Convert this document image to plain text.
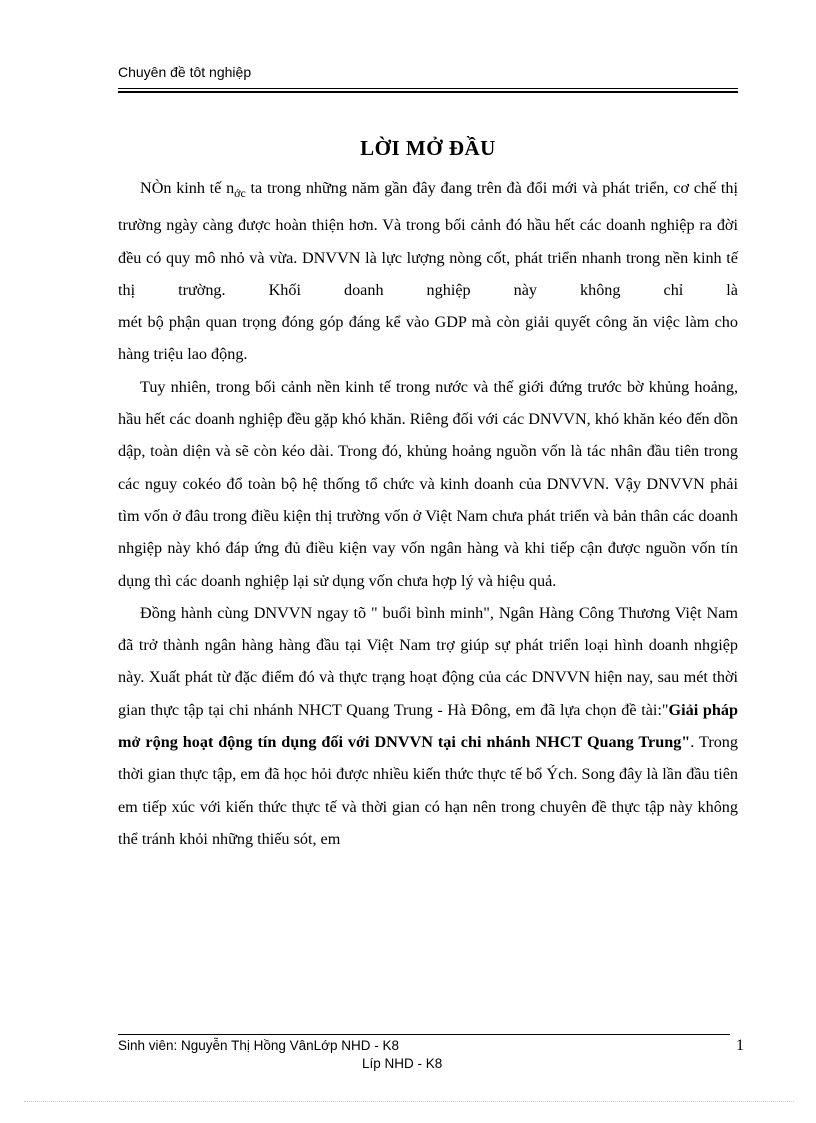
Chuyên đề tôt nghiệp
LỜI MỞ ĐẦU

NÒn kinh tế $n_{ớc}$ ta trong những năm gần đây đang trên đà đổi mới và phát triển, cơ chế thị trường ngày càng được hoàn thiện hơn. Và trong bối cảnh đó hầu hết các doanh nghiệp ra đời đều có quy mô nhỏ và vừa. DNVVN là lực lượng nòng cốt, phát triển nhanh trong nền kinh tế thị trường. Khối doanh nghiệp này không chỉ là

mét bộ phận quan trọng đóng góp đáng kể vào GDP mà còn giải quyết công ăn việc làm cho hàng triệu lao động.

Tuy nhiên, trong bối cảnh nền kinh tế trong nước và thế giới đứng trước bờ khủng hoảng, hầu hết các doanh nghiệp đều gặp khó khăn. Riêng đối với các DNVVN, khó khăn kéo đến dồn dập, toàn diện và sẽ còn kéo dài. Trong đó, khủng hoảng nguồn vốn là tác nhân đầu tiên trong các nguy cokéo đổ toàn bộ hệ thống tổ chức và kinh doanh của DNVVN. Vậy DNVVN phải tìm vốn ở đâu trong điều kiện thị trường vốn ở Việt Nam chưa phát triển và bản thân các doanh nhgiệp này khó đáp ứng đủ điều kiện vay vốn ngân hàng và khi tiếp cận được nguồn vốn tín dụng thì các doanh nghiệp lại sử dụng vốn chưa hợp lý và hiệu quả.

Đồng hành cùng DNVVN ngay tõ " buổi bình minh", Ngân Hàng Công Thương Việt Nam đã trở thành ngân hàng hàng đầu tại Việt Nam trợ giúp sự phát triển loại hình doanh nhgiệp này. Xuất phát từ đặc điểm đó và thực trạng hoạt động của các DNVVN hiện nay, sau mét thời gian thực tập tại chi nhánh NHCT Quang Trung - Hà Đông, em đã lựa chọn đề tài:"Giải pháp mở rộng hoạt động tín dụng đối với DNVVN tại chi nhánh NHCT Quang Trung". Trong thời gian thực tập, em đã học hỏi được nhiều kiến thức thực tế bổ Ých. Song đây là lần đầu tiên em tiếp xúc với kiến thức thực tế và thời gian có hạn nên trong chuyên đề thực tập này không thể tránh khỏi những thiếu sót, em

Sinh viên: Nguyễn Thị Hồng VânLớp NHD - K8	1
Líp NHD - K8
